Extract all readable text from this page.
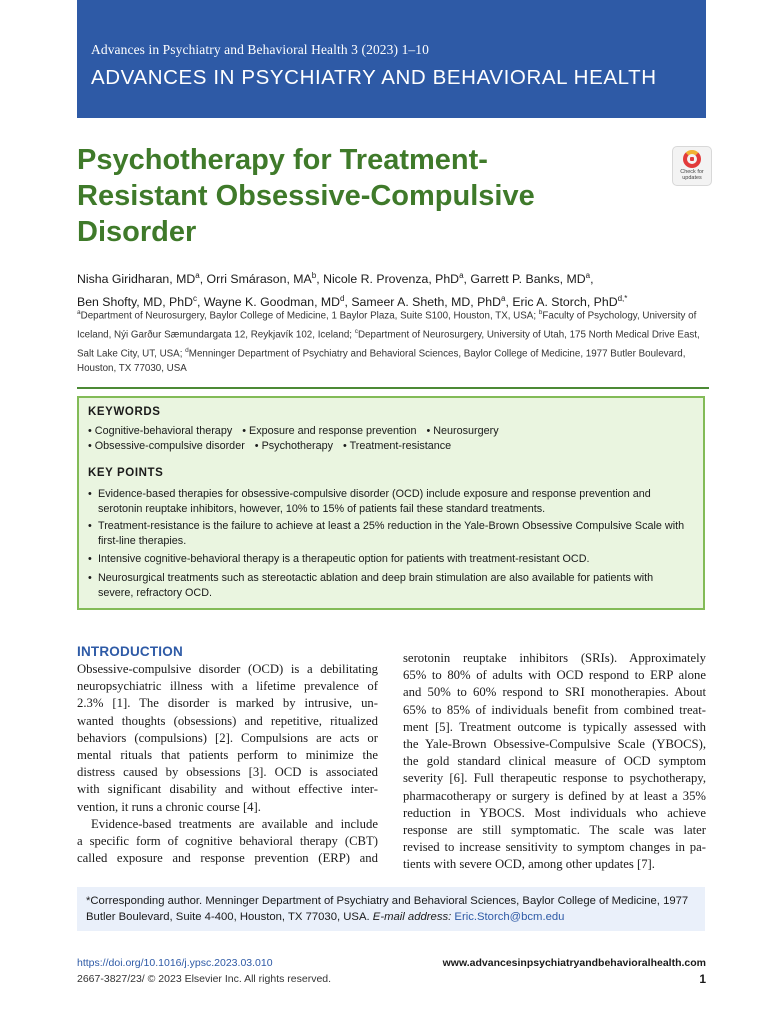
Advances in Psychiatry and Behavioral Health 3 (2023) 1–10
ADVANCES IN PSYCHIATRY AND BEHAVIORAL HEALTH
Psychotherapy for Treatment-
Resistant Obsessive-Compulsive
Disorder
Check for updates
Nisha Giridharan, $MD^a$, Orri Smárason, $MA^b$, Nicole R. Provenza, PhD$^a$, Garrett P. Banks, $MD^a$,
Ben Shofty, MD, PhD$^c$, Wayne K. Goodman, $MD^d$, Sameer A. Sheth, MD, PhD$^a$, Eric A. Storch, PhD$^{d,*}$
$^a$Department of Neurosurgery, Baylor College of Medicine, 1 Baylor Plaza, Suite S100, Houston, TX, USA; $^b$Faculty of Psychology, University of Iceland, Nýi Garður Sæmundargata 12, Reykjavík 102, Iceland; $^c$Department of Neurosurgery, University of Utah, 175 North Medical Drive East, Salt Lake City, UT, USA; $^d$Menninger Department of Psychiatry and Behavioral Sciences, Baylor College of Medicine, 1977 Butler Boulevard, Houston, TX 77030, USA
KEYWORDS
• Cognitive-behavioral therapy • Exposure and response prevention • Neurosurgery
• Obsessive-compulsive disorder • Psychotherapy • Treatment-resistance
KEY POINTS
• Evidence-based therapies for obsessive-compulsive disorder (OCD) include exposure and response prevention and serotonin reuptake inhibitors, however, 10% to 15% of patients fail these standard treatments.
• Treatment-resistance is the failure to achieve at least a 25% reduction in the Yale-Brown Obsessive Compulsive Scale with first-line therapies.
• Intensive cognitive-behavioral therapy is a therapeutic option for patients with treatment-resistant OCD.
• Neurosurgical treatments such as stereotactic ablation and deep brain stimulation are also available for patients with severe, refractory OCD.
INTRODUCTION
Obsessive-compulsive disorder (OCD) is a debilitating
neuropsychiatric illness with a lifetime prevalence of
2.3% [1]. The disorder is marked by intrusive, un-
wanted thoughts (obsessions) and repetitive, ritualized
behaviors (compulsions) [2]. Compulsions are acts or
mental rituals that patients perform to minimize the
distress caused by obsessions [3]. OCD is associated
with significant disability and without effective inter-
vention, it runs a chronic course [4].
Evidence-based treatments are available and include
a specific form of cognitive behavioral therapy (CBT)
called exposure and response prevention (ERP) and
serotonin reuptake inhibitors (SRIs). Approximately
65% to 80% of adults with OCD respond to ERP alone
and 50% to 60% respond to SRI monotherapies. About
65% to 85% of individuals benefit from combined treat-
ment [5]. Treatment outcome is typically assessed with
the Yale-Brown Obsessive-Compulsive Scale (YBOCS),
the gold standard clinical measure of OCD symptom
severity [6]. Full therapeutic response to psychotherapy,
pharmacotherapy or surgery is defined by at least a 35%
reduction in YBOCS. Most individuals who achieve
response are still symptomatic. The scale was later
revised to increase sensitivity to symptom changes in pa-
tients with severe OCD, among other updates [7].
*Corresponding author. Menninger Department of Psychiatry and Behavioral Sciences, Baylor College of Medicine, 1977
Butler Boulevard, Suite 4-400, Houston, TX 77030, USA. E-mail address: Eric.Storch@bcm.edu
https://doi.org/10.1016/j.ypsc.2023.03.010
2667-3827/23/ © 2023 Elsevier Inc. All rights reserved.
www.advancesinpsychiatryandbehavioralhealth.com
1
